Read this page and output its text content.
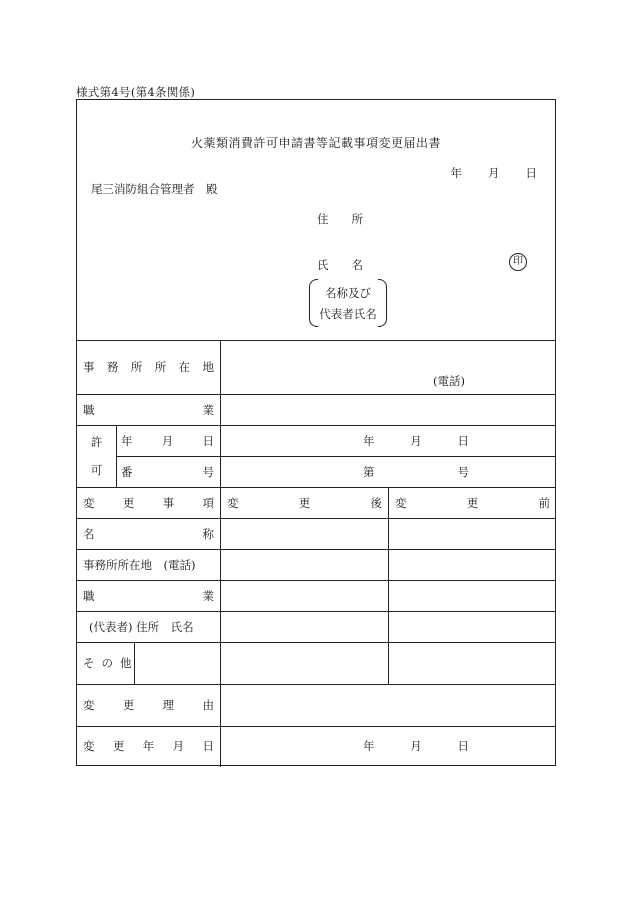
様式第4号(第4条関係)
火薬類消費許可申請書等記載事項変更届出書
年 月 日
尾三消防組合管理者　殿
住　　所
氏　　名	印
名称及び
代表者氏名
事 務 所 所 在 地
(電話)
職	業
許
可
年	月	日	年	月	日
番	号	第	号
変 更 事 項 変	更	後 変	更	前
名	称
事務所所在地　(電話)
職	業
(代表者) 住所　氏名
そ の 他
変 更 理 由
変 更 年 月 日	年	月	日
